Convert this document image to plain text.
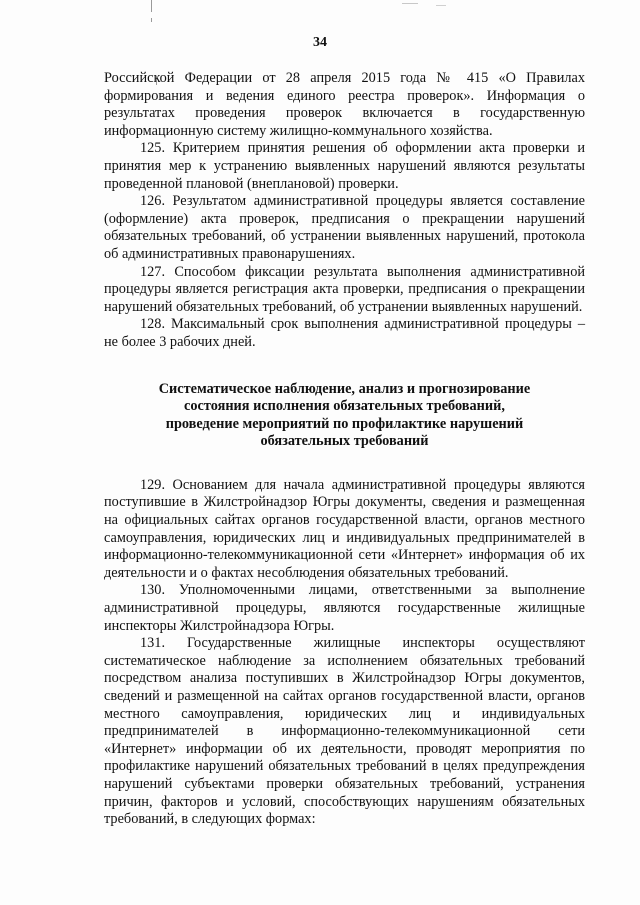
34

Российской Федерации от 28 апреля 2015 года № 415 «О Правилах формирования и ведения единого реестра проверок». Информация о результатах проведения проверок включается в государственную информационную систему жилищно-коммунального хозяйства.

125. Критерием принятия решения об оформлении акта проверки и принятия мер к устранению выявленных нарушений являются результаты проведенной плановой (внеплановой) проверки.

126. Результатом административной процедуры является составление (оформление) акта проверок, предписания о прекращении нарушений обязательных требований, об устранении выявленных нарушений, протокола об административных правонарушениях.

127. Способом фиксации результата выполнения административной процедуры является регистрация акта проверки, предписания о прекращении нарушений обязательных требований, об устранении выявленных нарушений.

128. Максимальный срок выполнения административной процедуры – не более 3 рабочих дней.

Систематическое наблюдение, анализ и прогнозирование
состояния исполнения обязательных требований,
проведение мероприятий по профилактике нарушений
обязательных требований

129. Основанием для начала административной процедуры являются поступившие в Жилстройнадзор Югры документы, сведения и размещенная на официальных сайтах органов государственной власти, органов местного самоуправления, юридических лиц и индивидуальных предпринимателей в информационно-телекоммуникационной сети «Интернет» информация об их деятельности и о фактах несоблюдения обязательных требований.

130. Уполномоченными лицами, ответственными за выполнение административной процедуры, являются государственные жилищные инспекторы Жилстройнадзора Югры.

131. Государственные жилищные инспекторы осуществляют систематическое наблюдение за исполнением обязательных требований посредством анализа поступивших в Жилстройнадзор Югры документов, сведений и размещенной на сайтах органов государственной власти, органов местного самоуправления, юридических лиц и индивидуальных предпринимателей в информационно-телекоммуникационной сети «Интернет» информации об их деятельности, проводят мероприятия по профилактике нарушений обязательных требований в целях предупреждения нарушений субъектами проверки обязательных требований, устранения причин, факторов и условий, способствующих нарушениям обязательных требований, в следующих формах:
